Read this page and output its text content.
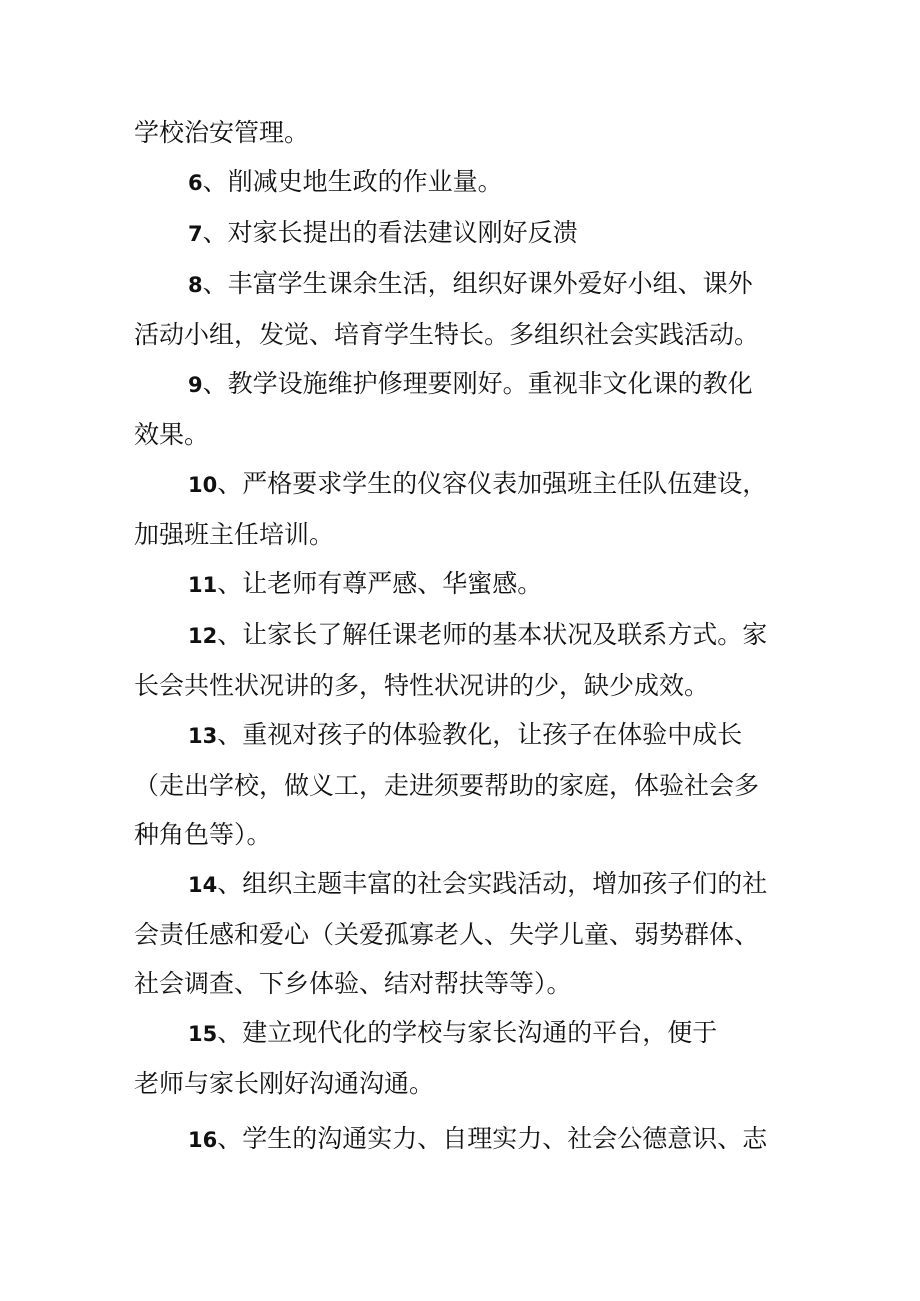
学校治安管理。
6、削减史地生政的作业量。
7、对家长提出的看法建议刚好反溃
8、丰富学生课余生活，组织好课外爱好小组、课外
活动小组，发觉、培育学生特长。多组织社会实践活动。
9、教学设施维护修理要刚好。重视非文化课的教化
效果。
10、严格要求学生的仪容仪表加强班主任队伍建设，
加强班主任培训。
11、让老师有尊严感、华蜜感。
12、让家长了解任课老师的基本状况及联系方式。家
长会共性状况讲的多，特性状况讲的少，缺少成效。
13、重视对孩子的体验教化，让孩子在体验中成长
（走出学校，做义工，走进须要帮助的家庭，体验社会多
种角色等）。
14、组织主题丰富的社会实践活动，增加孩子们的社
会责任感和爱心（关爱孤寡老人、失学儿童、弱势群体、
社会调查、下乡体验、结对帮扶等等）。
15、建立现代化的学校与家长沟通的平台，便于
老师与家长刚好沟通沟通。
16、学生的沟通实力、自理实力、社会公德意识、志
